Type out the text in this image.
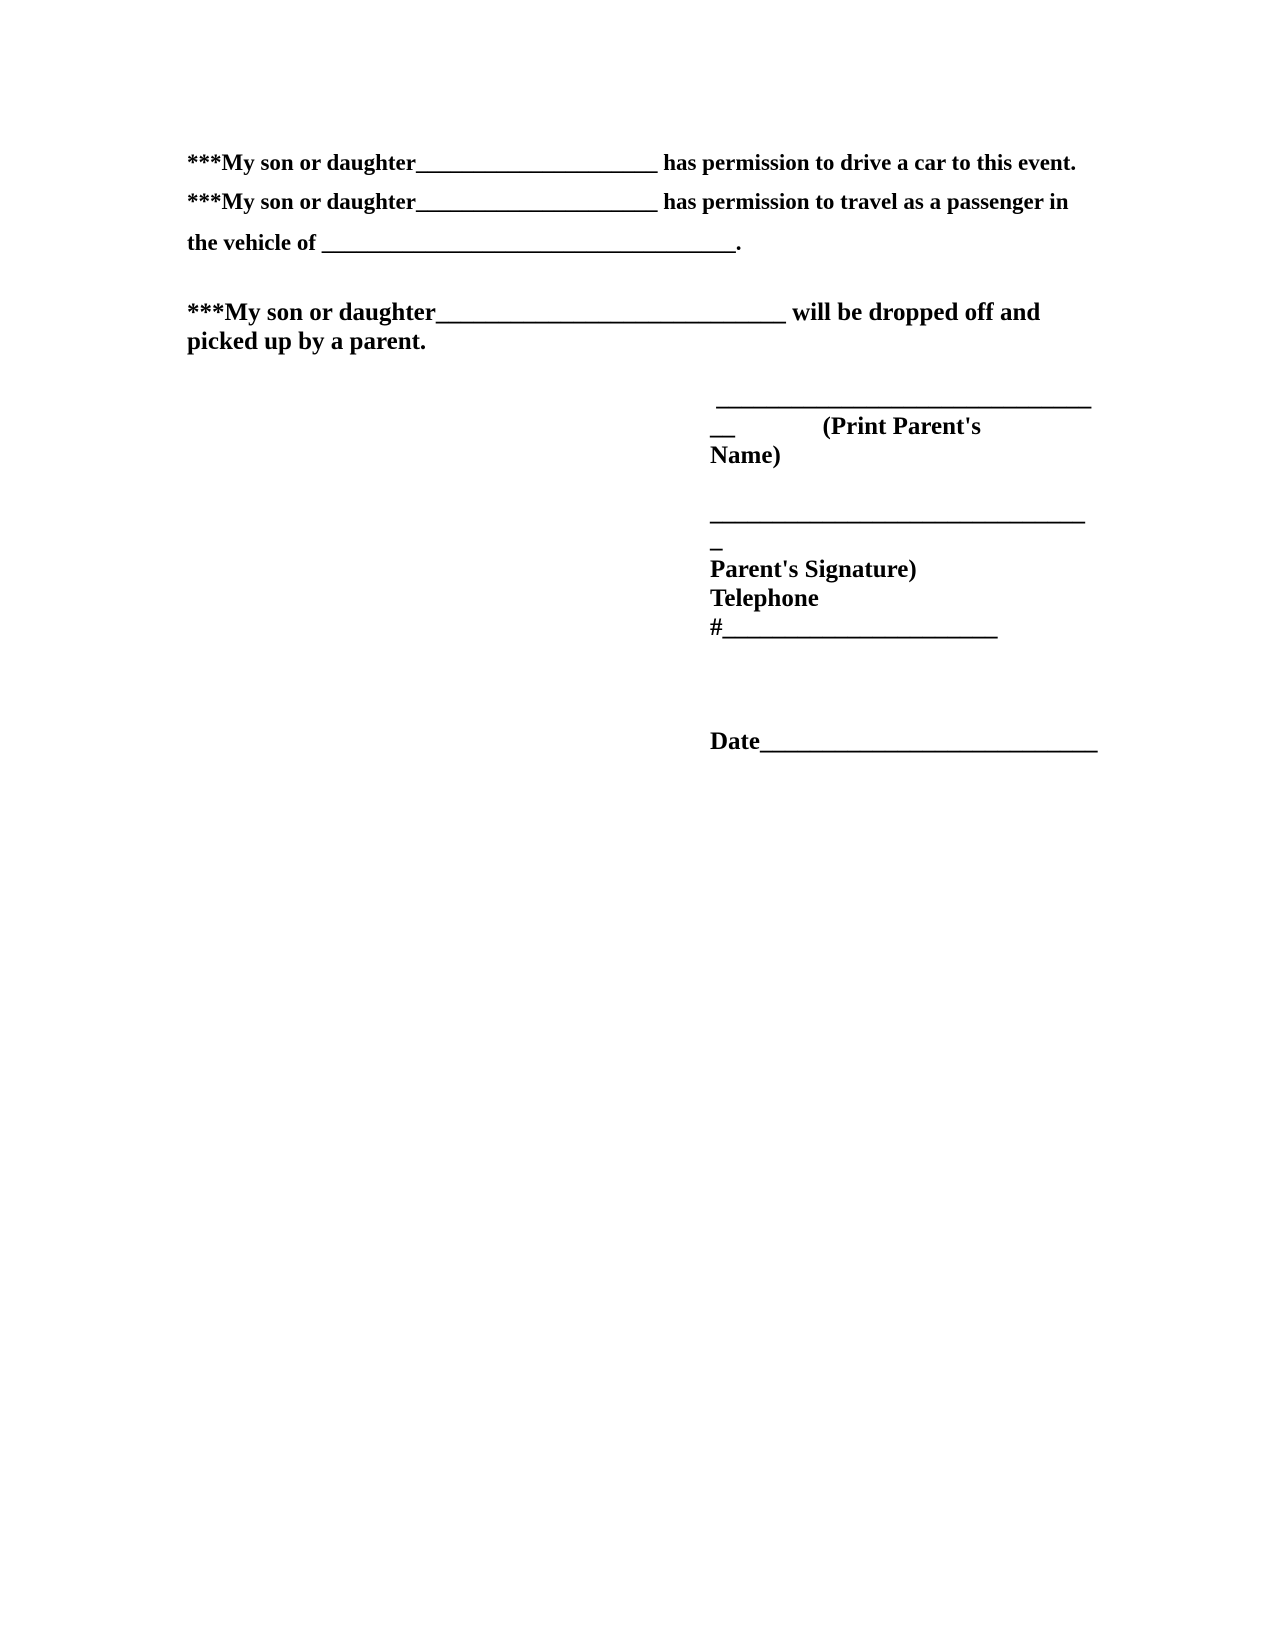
***My son or daughter_____________________ has permission to drive a car to this event.
***My son or daughter_____________________ has permission to travel as a passenger in
the vehicle of ____________________________________.
***My son or daughter____________________________ will be dropped off and
picked up by a parent.
______________________________
__              (Print Parent's
Name)
______________________________
_
Parent's Signature)
Telephone
#______________________
Date___________________________
